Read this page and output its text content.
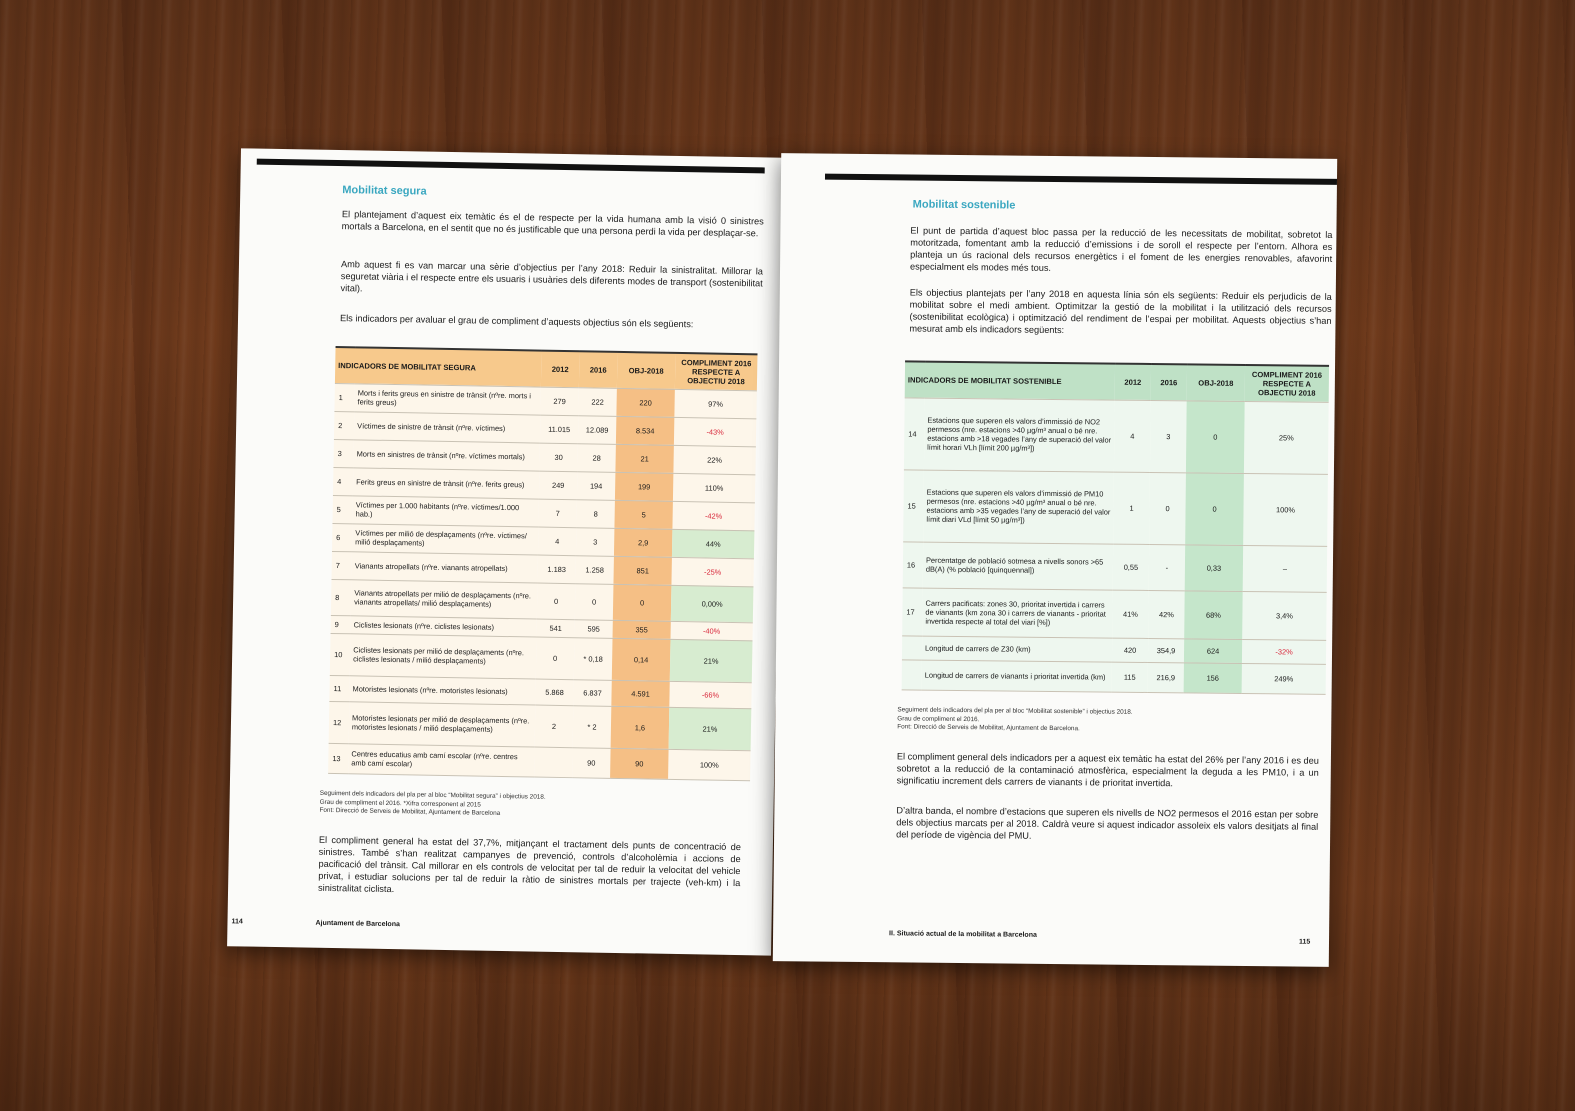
Mobilitat segura

El plantejament d’aquest eix temàtic és el de respecte per la vida humana amb la visió 0 sinistres mortals a Barcelona, en el sentit que no és justificable que una persona perdi la vida per desplaçar-se.

Amb aquest fi es van marcar una sèrie d’objectius per l’any 2018: Reduir la sinistralitat. Millorar la seguretat viària i el respecte entre els usuaris i usuàries dels diferents modes de transport (sostenibilitat vital).

Els indicadors per avaluar el grau de compliment d’aquests objectius són els següents:

INDICADORS DE MOBILITAT SEGURA		2012	2016	OBJ-2018	COMPLIMENT 2016 RESPECTE A OBJECTIU 2018
1	Morts i ferits greus en sinistre de trànsit (nºre. morts i ferits greus)	279	222	220	97%
2	Víctimes de sinistre de trànsit (nºre. víctimes)	11.015	12.089	8.534	-43%
3	Morts en sinistres de trànsit (nºre. víctimes mortals)	30	28	21	22%
4	Ferits greus en sinistre de trànsit (nºre. ferits greus)	249	194	199	110%
5	Víctimes per 1.000 habitants (nºre. víctimes/1.000 hab.)	7	8	5	-42%
6	Víctimes per milió de desplaçaments (nºre. víctimes/ milió desplaçaments)	4	3	2,9	44%
7	Vianants atropellats (nºre. vianants atropellats)	1.183	1.258	851	-25%
8	Vianants atropellats per milió de desplaçaments (nºre. vianants atropellats/ milió desplaçaments)	0	0	0	0,00%
9	Ciclistes lesionats (nºre. ciclistes lesionats)	541	595	355	-40%
10	Ciclistes lesionats per milió de desplaçaments (nºre. ciclistes lesionats / milió desplaçaments)	0	* 0,18	0,14	21%
11	Motoristes lesionats (nºre. motoristes lesionats)	5.868	6.837	4.591	-66%
12	Motoristes lesionats per milió de desplaçaments (nºre. motoristes lesionats / milió desplaçaments)	2	* 2	1,6	21%
13	Centres educatius amb camí escolar (nºre. centres amb camí escolar)		90	90	100%
Seguiment dels indicadors del pla per al bloc “Mobilitat segura” i objectius 2018.
Grau de compliment el 2016. *Xifra corresponent al 2015
Font: Direcció de Serveis de Mobilitat, Ajuntament de Barcelona

El compliment general ha estat del 37,7%, mitjançant el tractament dels punts de concentració de sinistres. També s’han realitzat campanyes de prevenció, controls d’alcoholèmia i accions de pacificació del trànsit. Cal millorar en els controls de velocitat per tal de reduir la velocitat del vehicle privat, i estudiar solucions per tal de reduir la ràtio de sinistres mortals per trajecte (veh-km) i la sinistralitat ciclista.

114	Ajuntament de Barcelona
Mobilitat sostenible

El punt de partida d’aquest bloc passa per la reducció de les necessitats de mobilitat, sobretot la motoritzada, fomentant amb la reducció d’emissions i de soroll el respecte per l’entorn. Alhora es planteja un ús racional dels recursos energètics i el foment de les energies renovables, afavorint especialment els modes més tous.

Els objectius plantejats per l’any 2018 en aquesta línia són els següents: Reduir els perjudicis de la mobilitat sobre el medi ambient. Optimitzar la gestió de la mobilitat i la utilització dels recursos (sostenibilitat ecològica) i optimització del rendiment de l’espai per mobilitat. Aquests objectius s’han mesurat amb els indicadors següents:

INDICADORS DE MOBILITAT SOSTENIBLE		2012	2016	OBJ-2018	COMPLIMENT 2016 RESPECTE A OBJECTIU 2018
14	Estacions que superen els valors d’immissió de NO2 permesos (nre. estacions >40 µg/m³ anual o bé nre. estacions amb >18 vegades l’any de superació del valor límit horari VLh [límit 200 µg/m³])	4	3	0	25%
15	Estacions que superen els valors d’immissió de PM10 permesos (nre. estacions >40 µg/m³ anual o bé nre. estacions amb >35 vegades l’any de superació del valor límit diari VLd [límit 50 µg/m³])	1	0	0	100%
16	Percentatge de població sotmesa a nivells sonors >65 dB(A) (% població [quinquennal])	0,55	-	0,33	–
17	Carrers pacificats: zones 30, prioritat invertida i carrers de vianants (km zona 30 i carrers de vianants - prioritat invertida respecte al total del viari [%])	41%	42%	68%	3,4%
	Longitud de carrers de Z30 (km)	420	354,9	624	-32%
	Longitud de carrers de vianants i prioritat invertida (km)	115	216,9	156	249%
Seguiment dels indicadors del pla per al bloc “Mobilitat sostenible” i objectius 2018.
Grau de compliment el 2016.
Font: Direcció de Serveis de Mobilitat, Ajuntament de Barcelona.

El compliment general dels indicadors per a aquest eix temàtic ha estat del 26% per l’any 2016 i es deu sobretot a la reducció de la contaminació atmosfèrica, especialment la deguda a les PM10, i a un significatiu increment dels carrers de vianants i de prioritat invertida.

D’altra banda, el nombre d’estacions que superen els nivells de NO2 permesos el 2016 estan per sobre dels objectius marcats per al 2018. Caldrà veure si aquest indicador assoleix els valors desitjats al final del període de vigència del PMU.

II. Situació actual de la mobilitat a Barcelona
115
